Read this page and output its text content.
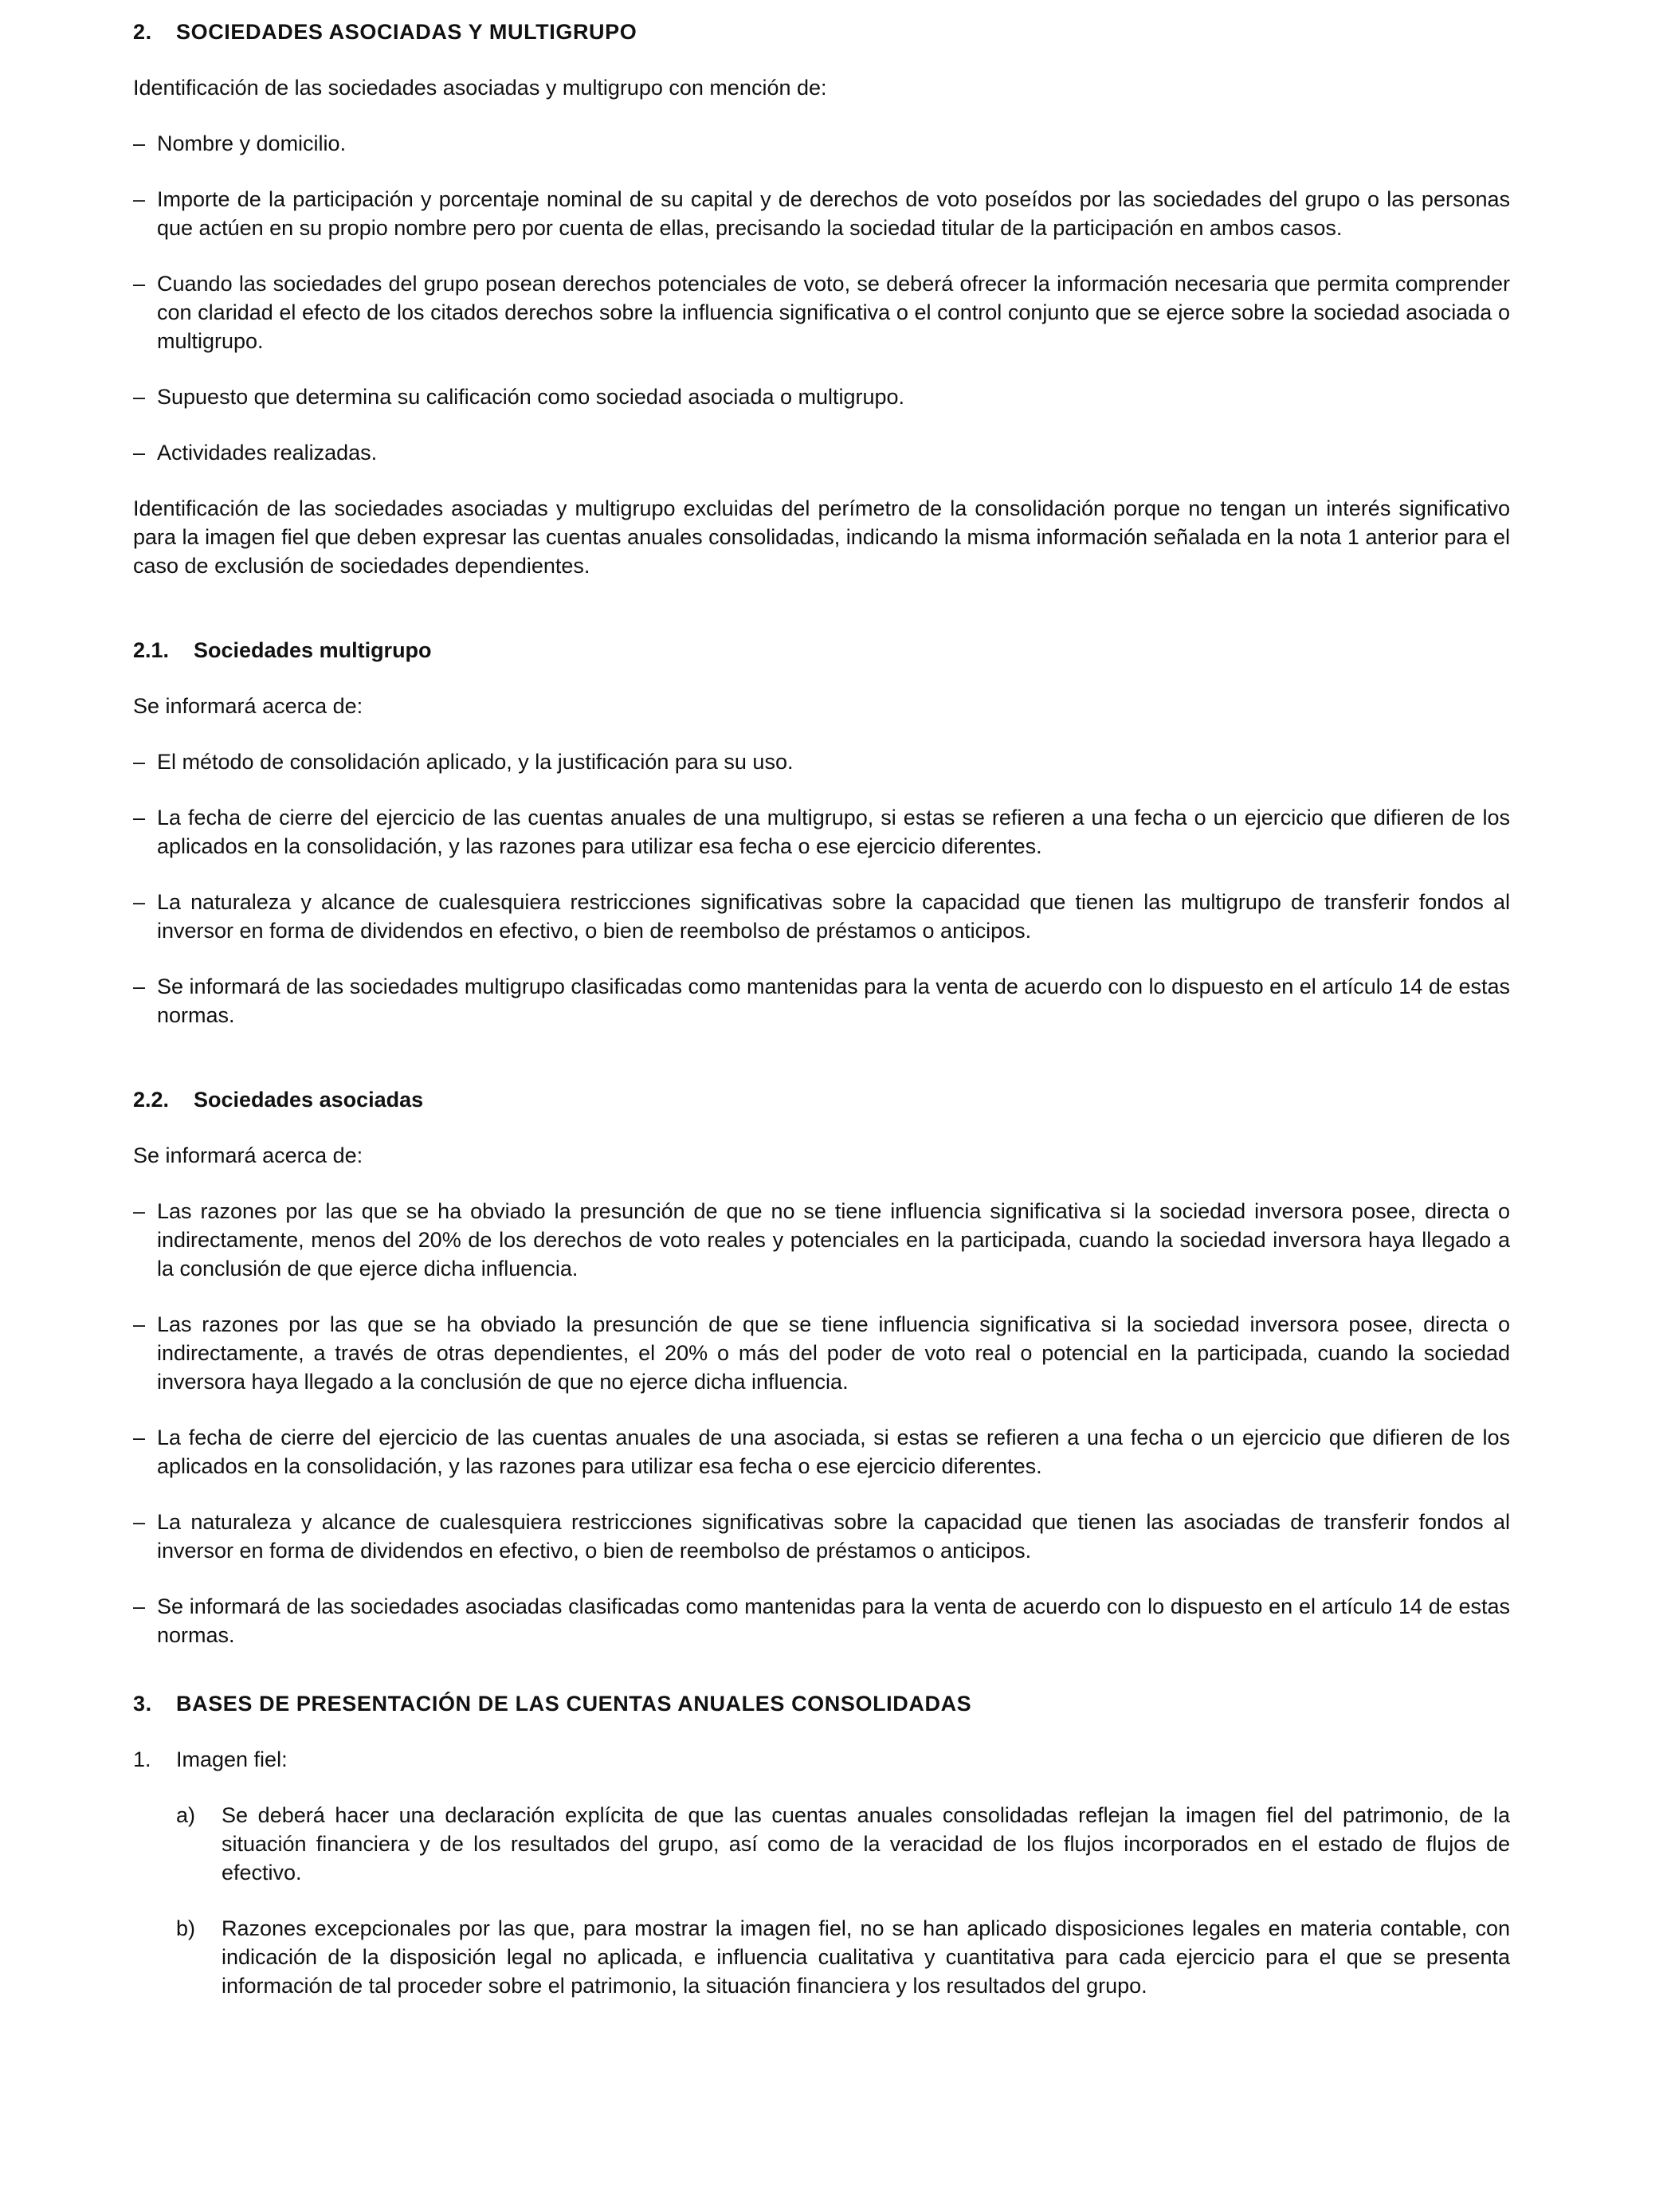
2. SOCIEDADES ASOCIADAS Y MULTIGRUPO

Identificación de las sociedades asociadas y multigrupo con mención de:

– Nombre y domicilio.
– Importe de la participación y porcentaje nominal de su capital y de derechos de voto poseídos por las sociedades del grupo o las personas que actúen en su propio nombre pero por cuenta de ellas, precisando la sociedad titular de la participación en ambos casos.
– Cuando las sociedades del grupo posean derechos potenciales de voto, se deberá ofrecer la información necesaria que permita comprender con claridad el efecto de los citados derechos sobre la influencia significativa o el control conjunto que se ejerce sobre la sociedad asociada o multigrupo.
– Supuesto que determina su calificación como sociedad asociada o multigrupo.
– Actividades realizadas.

Identificación de las sociedades asociadas y multigrupo excluidas del perímetro de la consolidación porque no tengan un interés significativo para la imagen fiel que deben expresar las cuentas anuales consolidadas, indicando la misma información señalada en la nota 1 anterior para el caso de exclusión de sociedades dependientes.

2.1. Sociedades multigrupo

Se informará acerca de:

– El método de consolidación aplicado, y la justificación para su uso.
– La fecha de cierre del ejercicio de las cuentas anuales de una multigrupo, si estas se refieren a una fecha o un ejercicio que difieren de los aplicados en la consolidación, y las razones para utilizar esa fecha o ese ejercicio diferentes.
– La naturaleza y alcance de cualesquiera restricciones significativas sobre la capacidad que tienen las multigrupo de transferir fondos al inversor en forma de dividendos en efectivo, o bien de reembolso de préstamos o anticipos.
– Se informará de las sociedades multigrupo clasificadas como mantenidas para la venta de acuerdo con lo dispuesto en el artículo 14 de estas normas.
2.2. Sociedades asociadas

Se informará acerca de:

– Las razones por las que se ha obviado la presunción de que no se tiene influencia significativa si la sociedad inversora posee, directa o indirectamente, menos del 20% de los derechos de voto reales y potenciales en la participada, cuando la sociedad inversora haya llegado a la conclusión de que ejerce dicha influencia.
– Las razones por las que se ha obviado la presunción de que se tiene influencia significativa si la sociedad inversora posee, directa o indirectamente, a través de otras dependientes, el 20% o más del poder de voto real o potencial en la participada, cuando la sociedad inversora haya llegado a la conclusión de que no ejerce dicha influencia.
– La fecha de cierre del ejercicio de las cuentas anuales de una asociada, si estas se refieren a una fecha o un ejercicio que difieren de los aplicados en la consolidación, y las razones para utilizar esa fecha o ese ejercicio diferentes.
– La naturaleza y alcance de cualesquiera restricciones significativas sobre la capacidad que tienen las asociadas de transferir fondos al inversor en forma de dividendos en efectivo, o bien de reembolso de préstamos o anticipos.
– Se informará de las sociedades asociadas clasificadas como mantenidas para la venta de acuerdo con lo dispuesto en el artículo 14 de estas normas.
3. BASES DE PRESENTACIÓN DE LAS CUENTAS ANUALES CONSOLIDADAS
1. Imagen fiel:
a) Se deberá hacer una declaración explícita de que las cuentas anuales consolidadas reflejan la imagen fiel del patrimonio, de la situación financiera y de los resultados del grupo, así como de la veracidad de los flujos incorporados en el estado de flujos de efectivo.
b) Razones excepcionales por las que, para mostrar la imagen fiel, no se han aplicado disposiciones legales en materia contable, con indicación de la disposición legal no aplicada, e influencia cualitativa y cuantitativa para cada ejercicio para el que se presenta información de tal proceder sobre el patrimonio, la situación financiera y los resultados del grupo.
